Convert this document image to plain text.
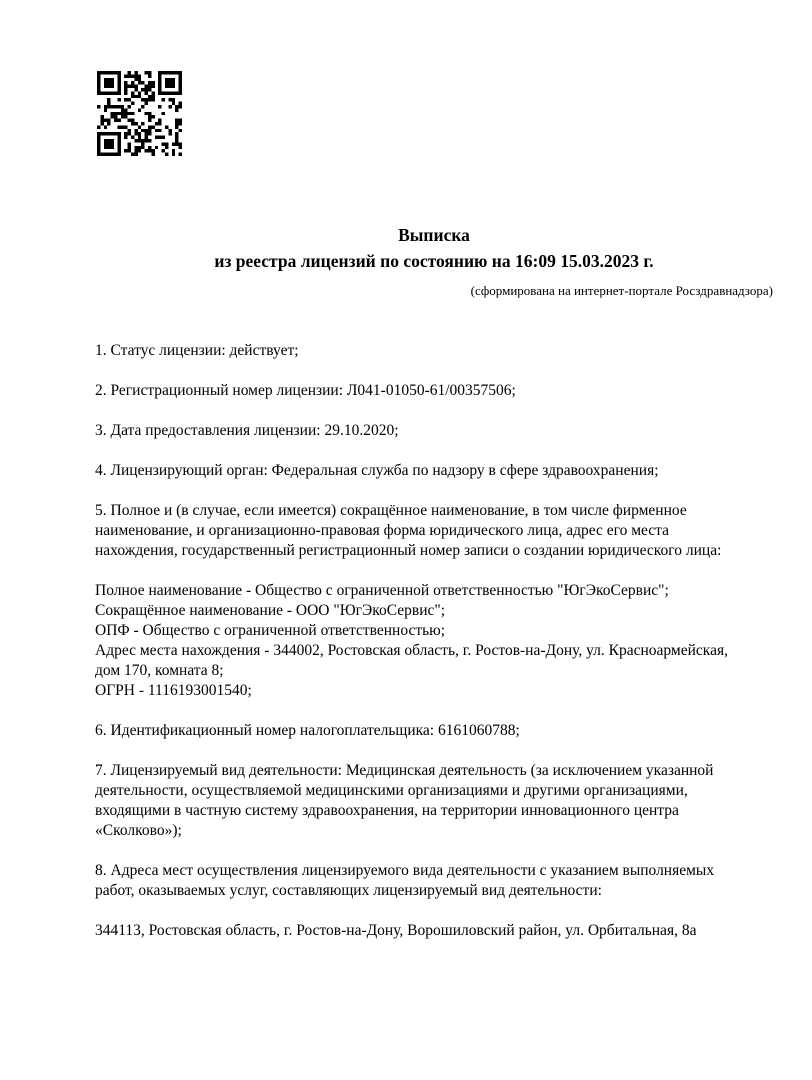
Выписка
из реестра лицензий по состоянию на 16:09 15.03.2023 г.
(сформирована на интернет-портале Росздравнадзора)
1. Статус лицензии: действует;
2. Регистрационный номер лицензии: Л041-01050-61/00357506;
3. Дата предоставления лицензии: 29.10.2020;
4. Лицензирующий орган: Федеральная служба по надзору в сфере здравоохранения;
5. Полное и (в случае, если имеется) сокращённое наименование, в том числе фирменное
наименование, и организационно-правовая форма юридического лица, адрес его места
нахождения, государственный регистрационный номер записи о создании юридического лица:
Полное наименование - Общество с ограниченной ответственностью "ЮгЭкоСервис";
Сокращённое наименование - ООО "ЮгЭкоСервис";
ОПФ - Общество с ограниченной ответственностью;
Адрес места нахождения - 344002, Ростовская область, г. Ростов-на-Дону, ул. Красноармейская,
дом 170, комната 8;
ОГРН - 1116193001540;
6. Идентификационный номер налогоплательщика: 6161060788;
7. Лицензируемый вид деятельности: Медицинская деятельность (за исключением указанной
деятельности, осуществляемой медицинскими организациями и другими организациями,
входящими в частную систему здравоохранения, на территории инновационного центра
«Сколково»);
8. Адреса мест осуществления лицензируемого вида деятельности с указанием выполняемых
работ, оказываемых услуг, составляющих лицензируемый вид деятельности:
344113, Ростовская область, г. Ростов-на-Дону, Ворошиловский район, ул. Орбитальная, 8а
